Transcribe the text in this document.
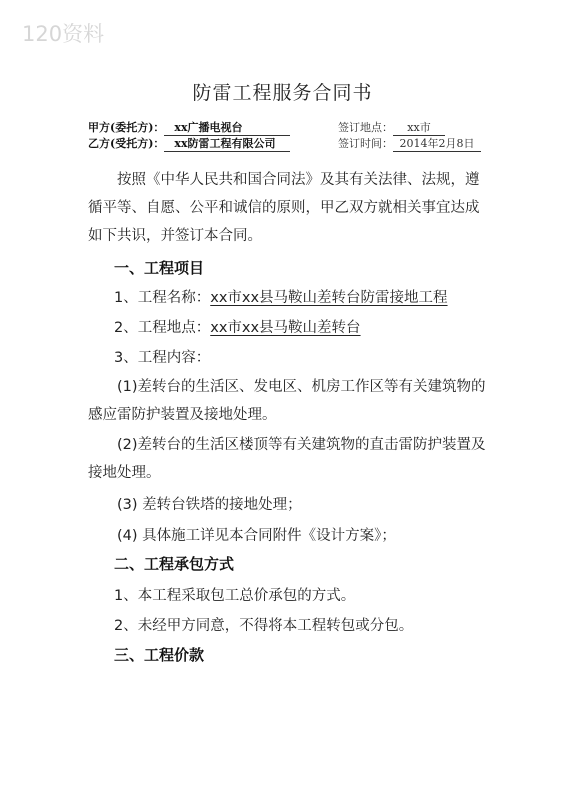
120资料
防雷工程服务合同书
甲方(委托方)： xx广播电视台	签订地点： xx市
乙方(受托方)： xx防雷工程有限公司	签订时间： 2014年2月8日
按照《中华人民共和国合同法》及其有关法律、法规，遵循平等、自愿、公平和诚信的原则，甲乙双方就相关事宜达成如下共识，并签订本合同。
一、工程项目
1、工程名称：xx市xx县马鞍山差转台防雷接地工程
2、工程地点：xx市xx县马鞍山差转台
3、工程内容：
(1)差转台的生活区、发电区、机房工作区等有关建筑物的感应雷防护装置及接地处理。
(2)差转台的生活区楼顶等有关建筑物的直击雷防护装置及接地处理。
(3) 差转台铁塔的接地处理；
(4) 具体施工详见本合同附件《设计方案》；
二、工程承包方式
1、本工程采取包工总价承包的方式。
2、未经甲方同意，不得将本工程转包或分包。
三、工程价款
